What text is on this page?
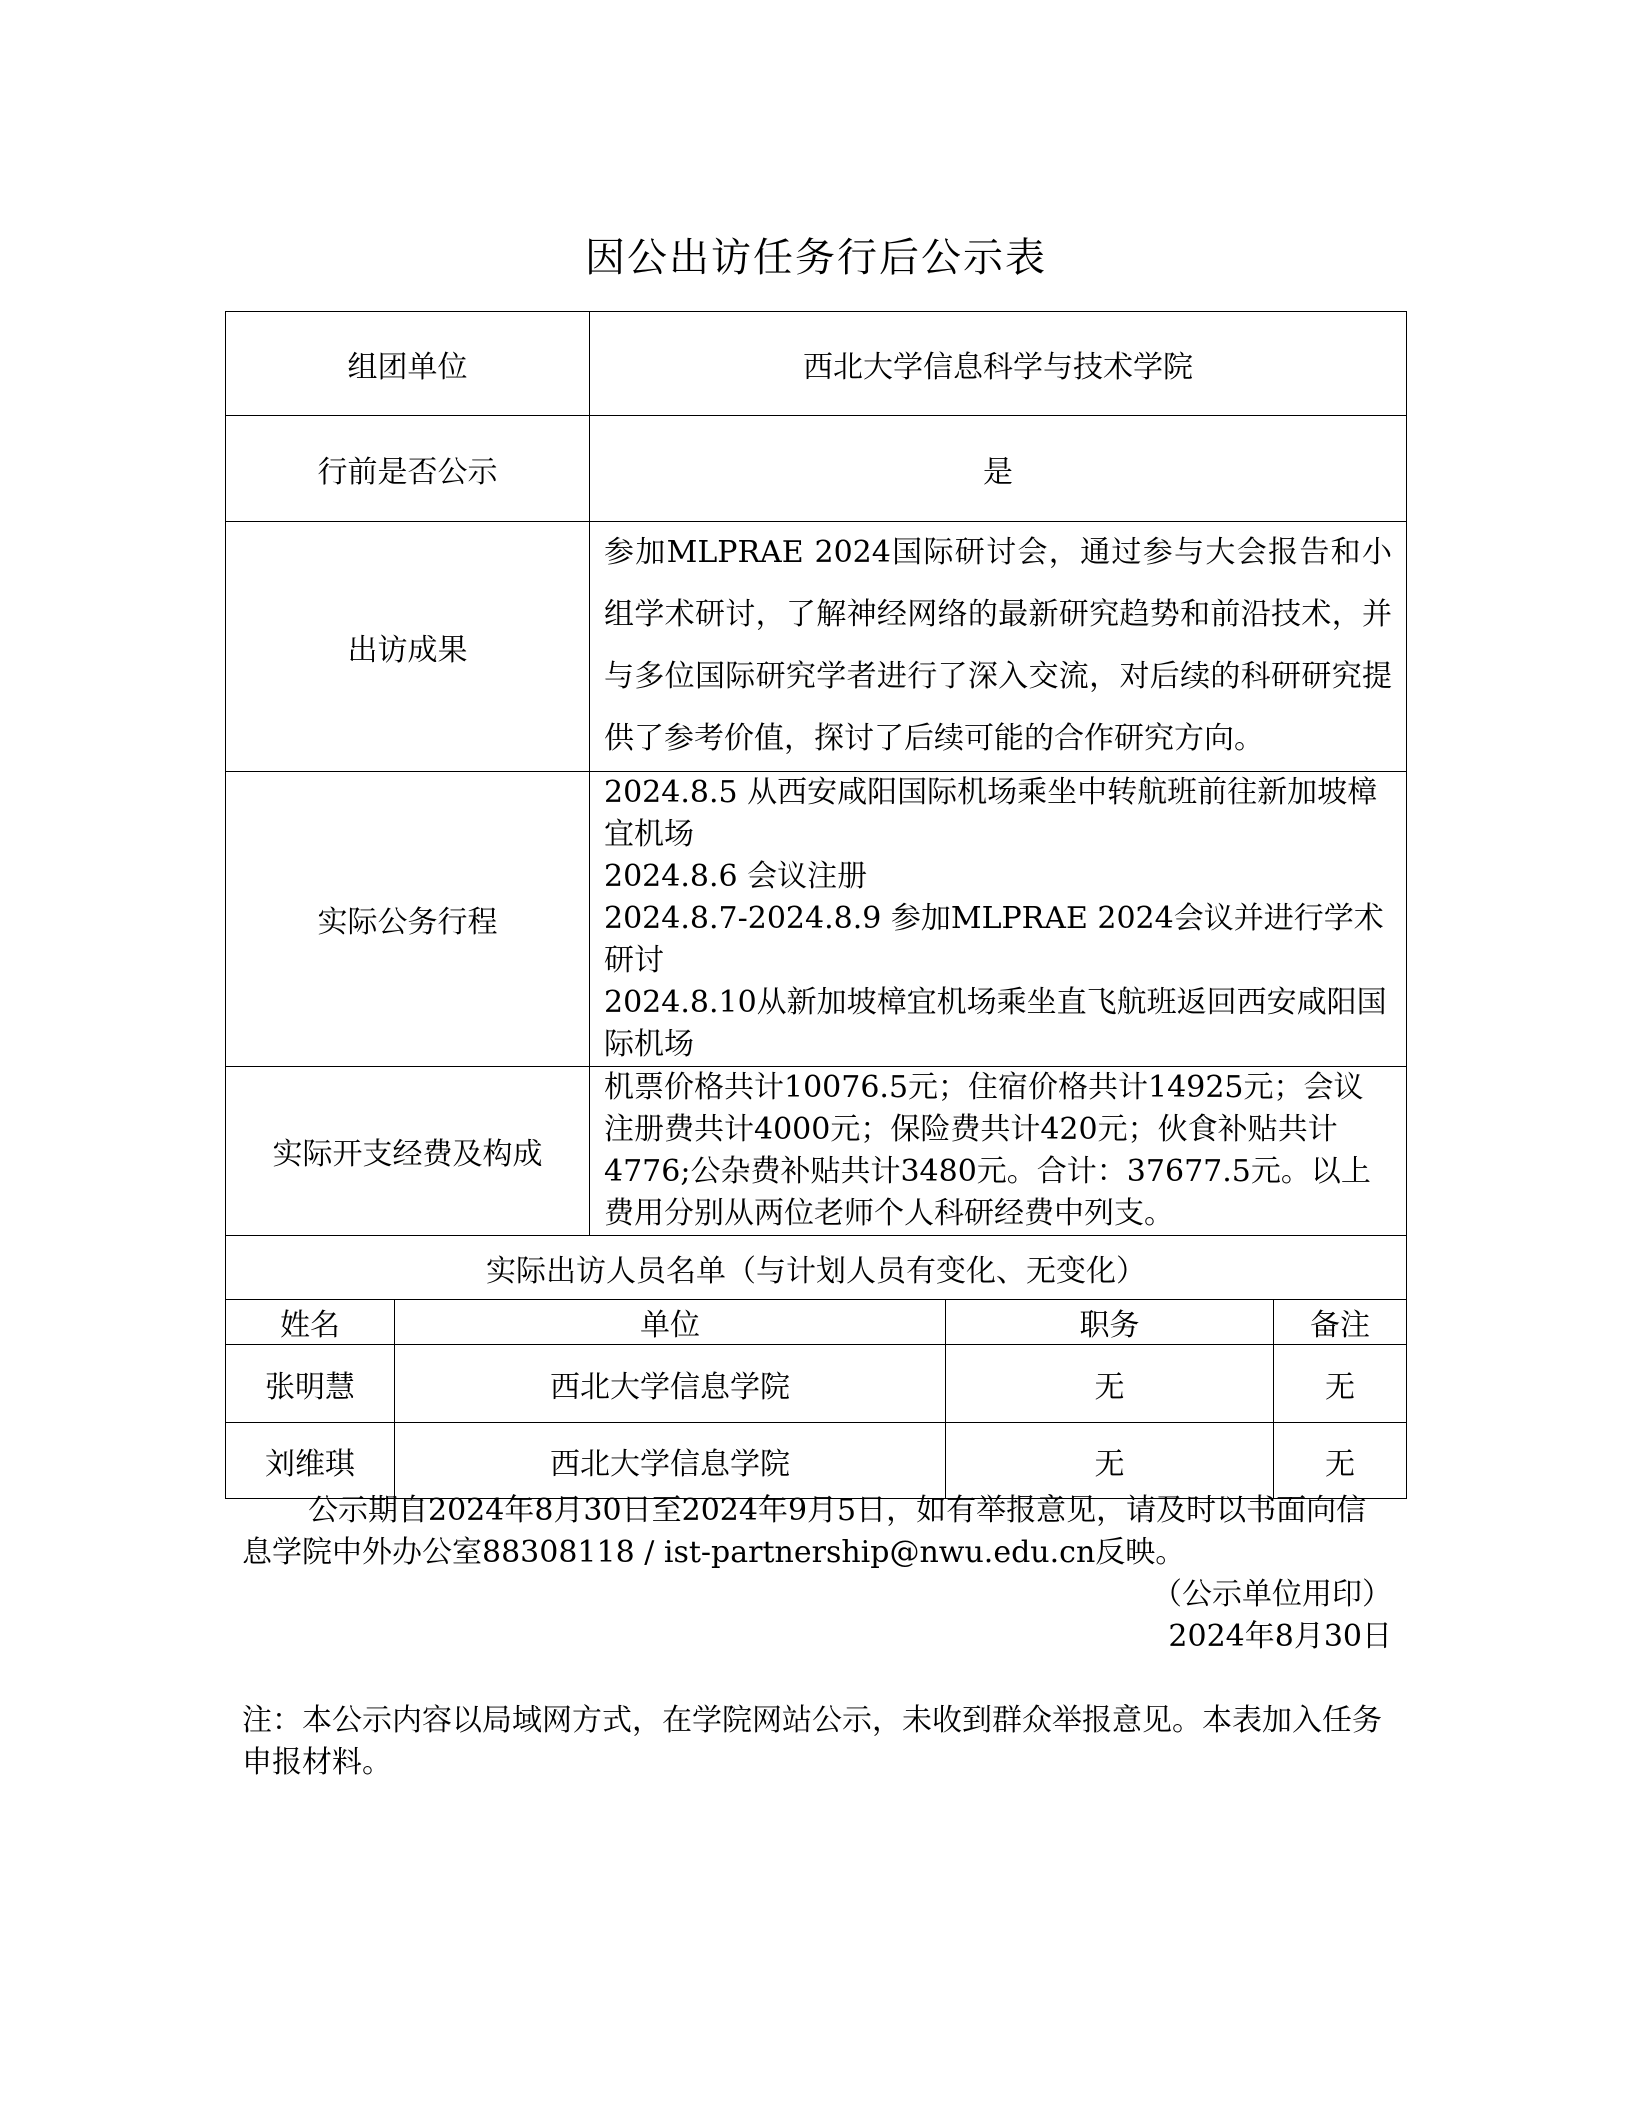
因公出访任务行后公示表
组团单位		西北大学信息科学与技术学院		
行前是否公示		是		
出访成果		参加MLPRAE 2024国际研讨会，通过参与大会报告和小组学术研讨，了解神经网络的最新研究趋势和前沿技术，并与多位国际研究学者进行了深入交流，对后续的科研研究提供了参考价值，探讨了后续可能的合作研究方向。		
实际公务行程		2024.8.5 从西安咸阳国际机场乘坐中转航班前往新加坡樟宜机场
2024.8.6 会议注册
2024.8.7-2024.8.9 参加MLPRAE 2024会议并进行学术研讨
2024.8.10从新加坡樟宜机场乘坐直飞航班返回西安咸阳国际机场		

实际开支经费及构成		机票价格共计10076.5元；住宿价格共计14925元；会议注册费共计4000元；保险费共计420元；伙食补贴共计4776;公杂费补贴共计3480元。合计：37677.5元。以上费用分别从两位老师个人科研经费中列支。		
实际出访人员名单（与计划人员有变化、无变化）				
姓名	单位		职务	备注
张明慧	西北大学信息学院		无	无
刘维琪	西北大学信息学院		无	无
公示期自2024年8月30日至2024年9月5日，如有举报意见，请及时以书面向信息学院中外办公室88308118 / ist-partnership@nwu.edu.cn反映。
（公示单位用印）
2024年8月30日
注：本公示内容以局域网方式，在学院网站公示，未收到群众举报意见。本表加入任务申报材料。
